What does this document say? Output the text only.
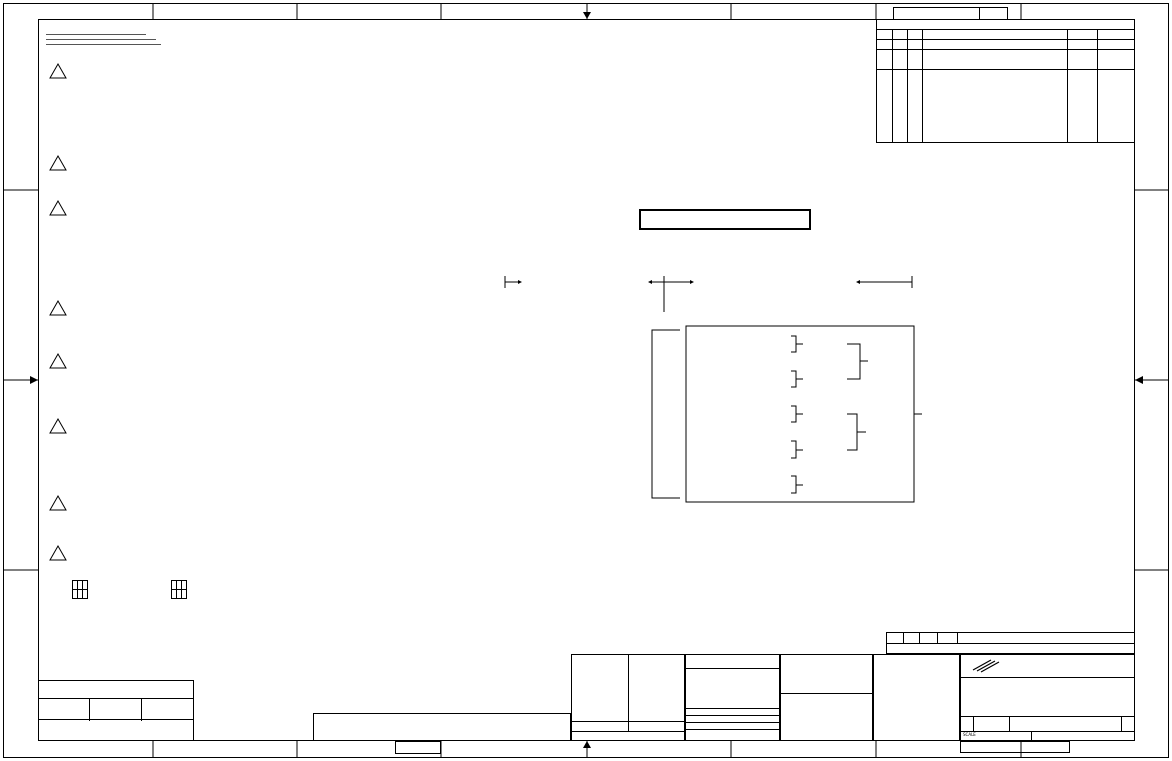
SCALE
